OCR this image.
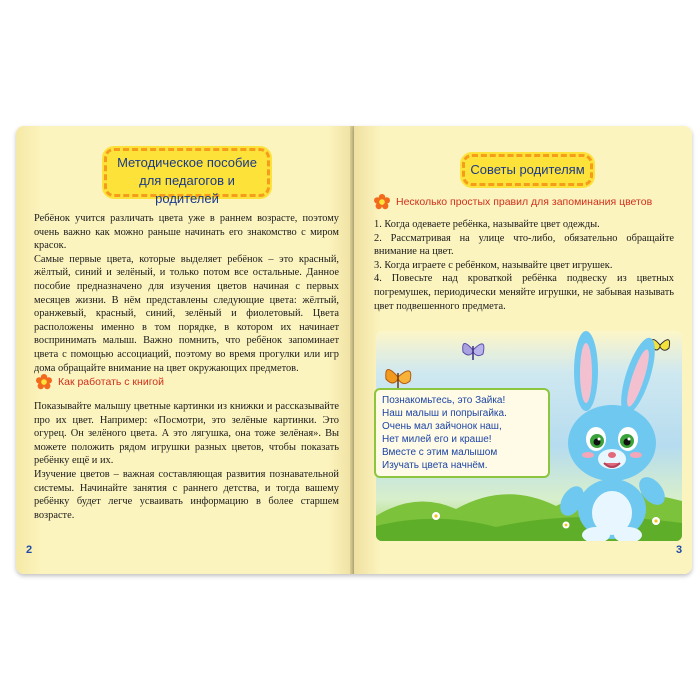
Методическое пособие
для педагогов и родителей

Ребёнок учится различать цвета уже в раннем возрасте, поэтому очень важно как можно раньше начинать его знакомство с миром красок.

Самые первые цвета, которые выделяет ребёнок – это красный, жёлтый, синий и зелёный, и только потом все остальные. Данное пособие предназначено для изучения цветов начиная с первых месяцев жизни. В нём представлены следующие цвета: жёлтый, оранжевый, красный, синий, зелёный и фиолетовый. Цвета расположены именно в том порядке, в котором их начинает воспринимать малыш. Важно помнить, что ребёнок запоминает цвета с помощью ассоциаций, поэтому во время прогулки или игр дома обращайте внимание на цвет окружающих предметов.

Как работать с книгой

Показывайте малышу цветные картинки из книжки и рассказывайте про их цвет. Например: «Посмотри, это зелёные картинки. Это огурец. Он зелёного цвета. А это лягушка, она тоже зелёная». Вы можете положить рядом игрушки разных цветов, чтобы показать ребёнку ещё и их.

Изучение цветов – важная составляющая развития познавательной системы. Начинайте занятия с раннего детства, и тогда вашему ребёнку будет легче усваивать информацию в более старшем возрасте.

2
Советы родителям
Несколько простых правил для запоминания цветов

1. Когда одеваете ребёнка, называйте цвет одежды.

2. Рассматривая на улице что-либо, обязательно обращайте внимание на цвет.

3. Когда играете с ребёнком, называйте цвет игрушек.

4. Повесьте над кроваткой ребёнка подвеску из цветных погремушек, периодически меняйте игрушки, не забывая называть цвет подвешенного предмета.

Познакомьтесь, это Зайка!
Наш малыш и попрыгайка.
Очень мал зайчонок наш,
Нет милей его и краше!
Вместе с этим малышом
Изучать цвета начнём.
3
